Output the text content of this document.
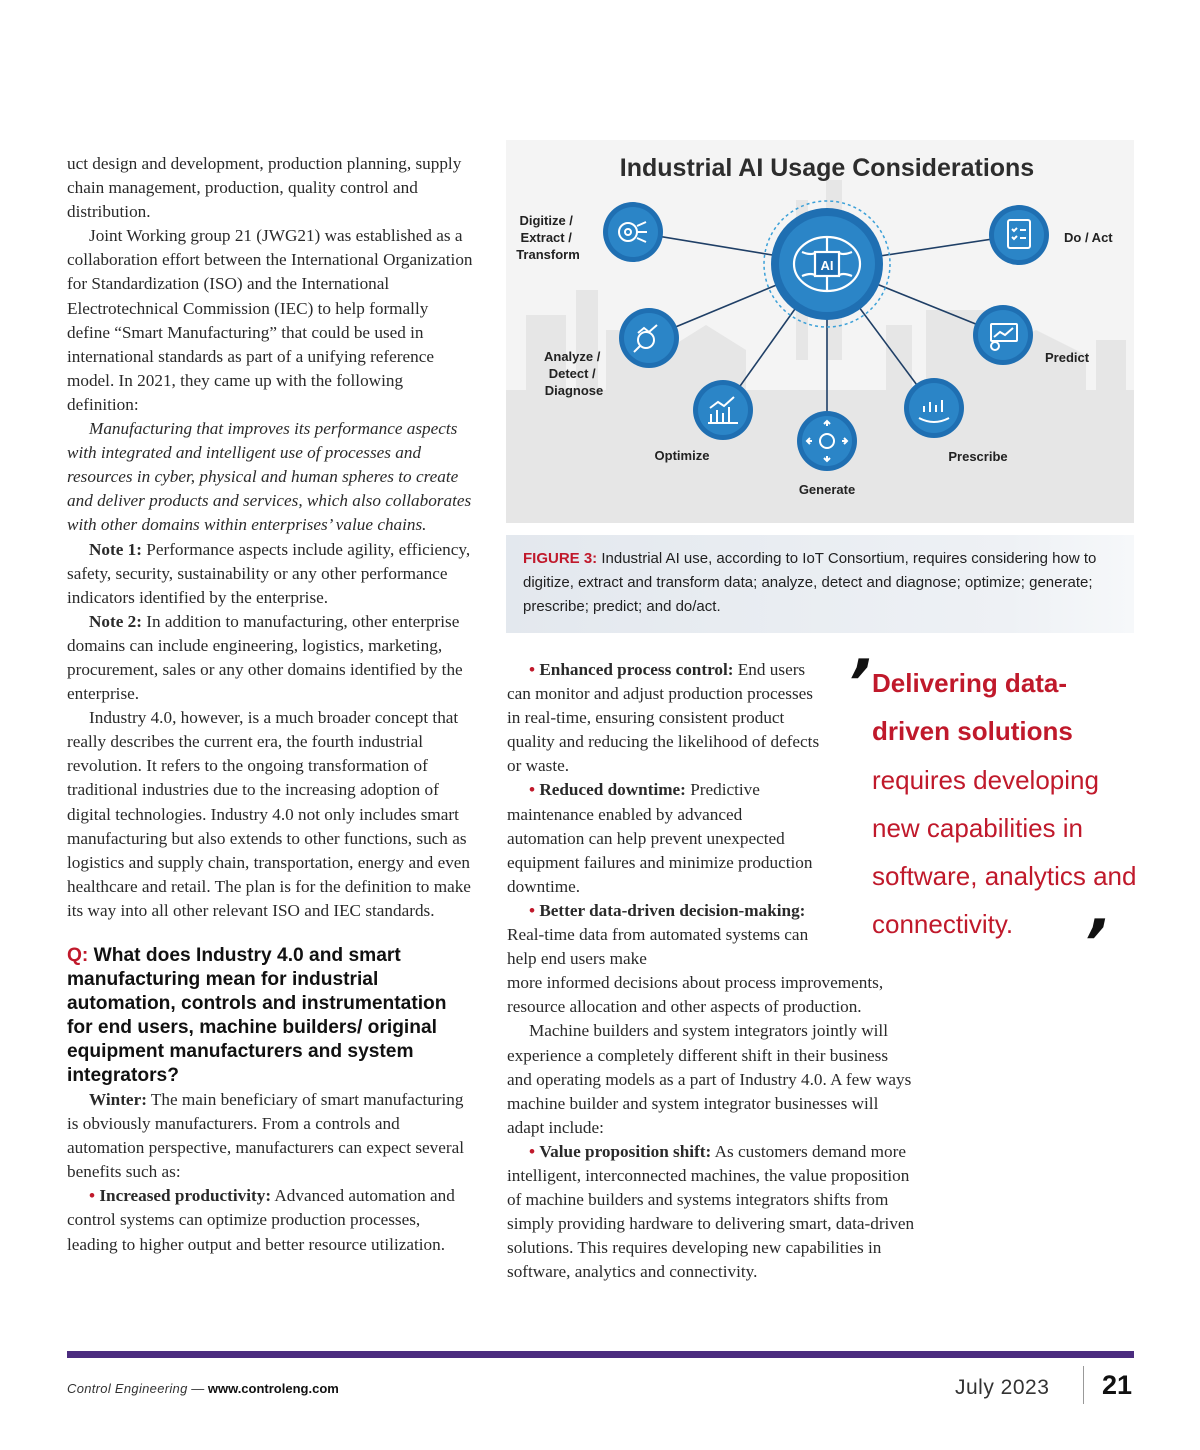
uct design and development, production planning, supply chain management, production, quality control and distribution.

Joint Working group 21 (JWG21) was established as a collaboration effort between the International Organization for Standardization (ISO) and the International Electrotechnical Commission (IEC) to help formally define “Smart Manufacturing” that could be used in international standards as part of a unifying reference model. In 2021, they came up with the following definition:

Manufacturing that improves its performance aspects with integrated and intelligent use of processes and resources in cyber, physical and human spheres to create and deliver products and services, which also collaborates with other domains within enterprises’ value chains.

Note 1: Performance aspects include agility, efficiency, safety, security, sustainability or any other performance indicators identified by the enterprise.

Note 2: In addition to manufacturing, other enterprise domains can include engineering, logistics, marketing, procurement, sales or any other domains identified by the enterprise.

Industry 4.0, however, is a much broader concept that really describes the current era, the fourth industrial revolution. It refers to the ongoing transformation of traditional industries due to the increasing adoption of digital technologies. Industry 4.0 not only includes smart manufacturing but also extends to other functions, such as logistics and supply chain, transportation, energy and even healthcare and retail. The plan is for the definition to make its way into all other relevant ISO and IEC standards.

Q: What does Industry 4.0 and smart manufacturing mean for industrial automation, controls and instrumentation for end users, machine builders/ original equipment manufacturers and system integrators?

Winter: The main beneficiary of smart manufacturing is obviously manufacturers. From a controls and automation perspective, manufacturers can expect several benefits such as:

• Increased productivity: Advanced automation and control systems can optimize production processes, leading to higher output and better resource utilization.

Industrial AI Usage Considerations
AI
Digitize / Extract / Transform
Do / Act
Analyze / Detect / Diagnose
Predict
Optimize	Prescribe
Generate
FIGURE 3: Industrial AI use, according to IoT Consortium, requires considering how to digitize, extract and transform data; analyze, detect and diagnose; optimize; generate; prescribe; predict; and do/act.

• Enhanced process control: End users can monitor and adjust production processes in real-time, ensuring consistent product quality and reducing the likelihood of defects or waste.

• Reduced downtime: Predictive maintenance enabled by advanced automation can help prevent unexpected equipment failures and minimize production downtime.

• Better data-driven decision-making: Real-time data from automated systems can help end users make

more informed decisions about process improvements, resource allocation and other aspects of production.

Machine builders and system integrators jointly will experience a completely different shift in their business and operating models as a part of Industry 4.0. A few ways machine builder and system integrator businesses will adapt include:

• Value proposition shift: As customers demand more intelligent, interconnected machines, the value proposition of machine builders and systems integrators shifts from simply providing hardware to delivering smart, data-driven solutions. This requires developing new capabilities in software, analytics and connectivity.

’
Delivering data-driven solutions requires developing new capabilities in software, analytics and connectivity. ’
Control Engineering — www.controleng.com	July 2023 21
